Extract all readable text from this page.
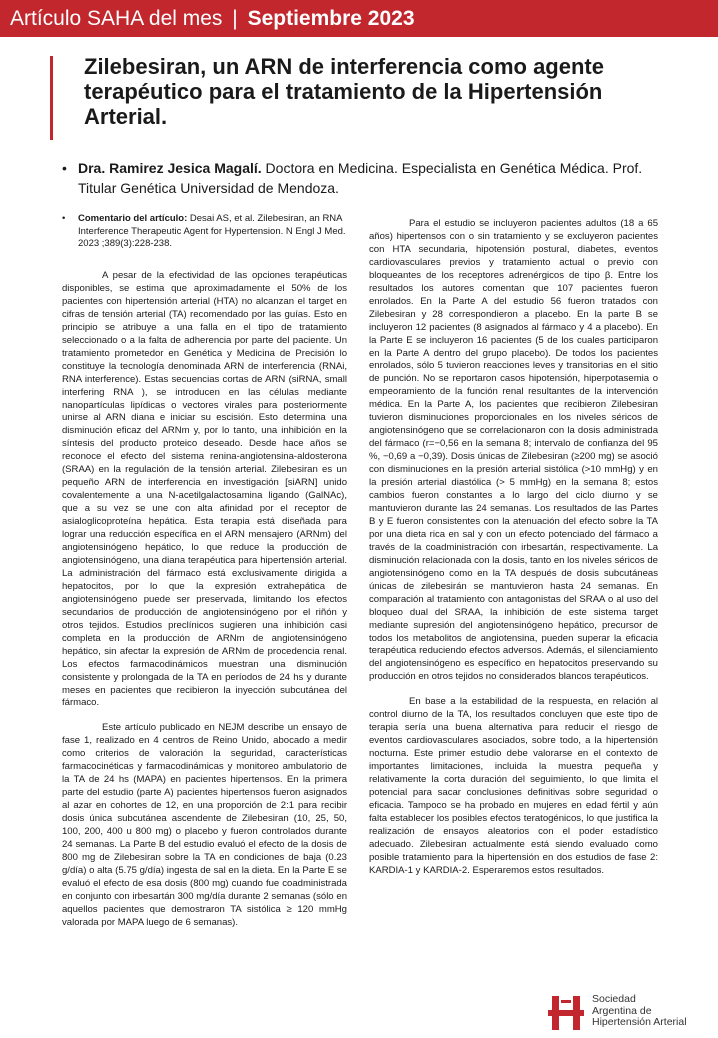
Artículo SAHA del mes | Septiembre 2023
Zilebesiran, un ARN de interferencia como agente terapéutico para el tratamiento de la Hipertensión Arterial.
• Dra. Ramirez Jesica Magalí. Doctora en Medicina. Especialista en Genética Médica. Prof. Titular Genética Universidad de Mendoza.
• Comentario del artículo: Desai AS, et al. Zilebesiran, an RNA Interference Therapeutic Agent for Hypertension. N Engl J Med. 2023 ;389(3):228-238.

A pesar de la efectividad de las opciones terapéuticas disponibles, se estima que aproximadamente el 50% de los pacientes con hipertensión arterial (HTA) no alcanzan el target en cifras de tensión arterial (TA) recomendado por las guías. Esto en principio se atribuye a una falla en el tipo de tratamiento seleccionado o a la falta de adherencia por parte del paciente. Un tratamiento prometedor en Genética y Medicina de Precisión lo constituye la tecnología denominada ARN de interferencia (RNAi, RNA interference). Estas secuencias cortas de ARN (siRNA, small interfering RNA ), se introducen en las células mediante nanopartículas lipídicas o vectores virales para posteriormente unirse al ARN diana e iniciar su escisión. Esto determina una disminución eficaz del ARNm y, por lo tanto, una inhibición en la síntesis del producto proteico deseado. Desde hace años se reconoce el efecto del sistema renina-angiotensina-aldosterona (SRAA) en la regulación de la tensión arterial. Zilebesiran es un pequeño ARN de interferencia en investigación [siARN] unido covalentemente a una N-acetilgalactosamina ligando (GalNAc), que a su vez se une con alta afinidad por el receptor de asialoglicoproteína hepática. Esta terapia está diseñada para lograr una reducción específica en el ARN mensajero (ARNm) del angiotensinógeno hepático, lo que reduce la producción de angiotensinógeno, una diana terapéutica para hipertensión arterial. La administración del fármaco está exclusivamente dirigida a hepatocitos, por lo que la expresión extrahepática de angiotensinógeno puede ser preservada, limitando los efectos secundarios de producción de angiotensinógeno por el riñón y otros tejidos. Estudios preclínicos sugieren una inhibición casi completa en la producción de ARNm de angiotensinógeno hepático, sin afectar la expresión de ARNm de procedencia renal. Los efectos farmacodinámicos muestran una disminución consistente y prolongada de la TA en períodos de 24 hs y durante meses en pacientes que recibieron la inyección subcutánea del fármaco.

Este artículo publicado en NEJM describe un ensayo de fase 1, realizado en 4 centros de Reino Unido, abocado a medir como criterios de valoración la seguridad, características farmacocinéticas y farmacodinámicas y monitoreo ambulatorio de la TA de 24 hs (MAPA) en pacientes hipertensos. En la primera parte del estudio (parte A) pacientes hipertensos fueron asignados al azar en cohortes de 12, en una proporción de 2:1 para recibir dosis única subcutánea ascendente de Zilebesiran (10, 25, 50, 100, 200, 400 u 800 mg) o placebo y fueron controlados durante 24 semanas. La Parte B del estudio evaluó el efecto de la dosis de 800 mg de Zilebesiran sobre la TA en condiciones de baja (0.23 g/día) o alta (5.75 g/día) ingesta de sal en la dieta. En la Parte E se evaluó el efecto de esa dosis (800 mg) cuando fue coadministrada en conjunto con irbesartán 300 mg/día durante 2 semanas (sólo en aquellos pacientes que demostraron TA sistólica ≥ 120 mmHg valorada por MAPA luego de 6 semanas).

Para el estudio se incluyeron pacientes adultos (18 a 65 años) hipertensos con o sin tratamiento y se excluyeron pacientes con HTA secundaria, hipotensión postural, diabetes, eventos cardiovasculares previos y tratamiento actual o previo con bloqueantes de los receptores adrenérgicos de tipo β. Entre los resultados los autores comentan que 107 pacientes fueron enrolados. En la Parte A del estudio 56 fueron tratados con Zilebesiran y 28 correspondieron a placebo. En la parte B se incluyeron 12 pacientes (8 asignados al fármaco y 4 a placebo). En la Parte E se incluyeron 16 pacientes (5 de los cuales participaron en la Parte A dentro del grupo placebo). De todos los pacientes enrolados, sólo 5 tuvieron reacciones leves y transitorias en el sitio de punción. No se reportaron casos hipotensión, hiperpotasemia o empeoramiento de la función renal resultantes de la intervención médica. En la Parte A, los pacientes que recibieron Zilebesiran tuvieron disminuciones proporcionales en los niveles séricos de angiotensinógeno que se correlacionaron con la dosis administrada del fármaco (r=−0,56 en la semana 8; intervalo de confianza del 95 %, −0,69 a −0,39). Dosis únicas de Zilebesiran (≥200 mg) se asoció con disminuciones en la presión arterial sistólica (>10 mmHg) y en la presión arterial diastólica (> 5 mmHg) en la semana 8; estos cambios fueron constantes a lo largo del ciclo diurno y se mantuvieron durante las 24 semanas. Los resultados de las Partes B y E fueron consistentes con la atenuación del efecto sobre la TA por una dieta rica en sal y con un efecto potenciado del fármaco a través de la coadministración con irbesartán, respectivamente. La disminución relacionada con la dosis, tanto en los niveles séricos de angiotensinógeno como en la TA después de dosis subcutáneas únicas de zilebesirán se mantuvieron hasta 24 semanas. En comparación al tratamiento con antagonistas del SRAA o al uso del bloqueo dual del SRAA, la inhibición de este sistema target mediante supresión del angiotensinógeno hepático, precursor de todos los metabolitos de angiotensina, pueden superar la eficacia terapéutica reduciendo efectos adversos. Además, el silenciamiento del angiotensinógeno es específico en hepatocitos preservando su producción en otros tejidos no considerados blancos terapéuticos.

En base a la estabilidad de la respuesta, en relación al control diurno de la TA, los resultados concluyen que este tipo de terapia sería una buena alternativa para reducir el riesgo de eventos cardiovasculares asociados, sobre todo, a la hipertensión nocturna. Este primer estudio debe valorarse en el contexto de importantes limitaciones, incluida la muestra pequeña y relativamente la corta duración del seguimiento, lo que limita el potencial para sacar conclusiones definitivas sobre seguridad o eficacia. Tampoco se ha probado en mujeres en edad fértil y aún falta establecer los posibles efectos teratogénicos, lo que justifica la realización de ensayos aleatorios con el poder estadístico adecuado. Zilebesiran actualmente está siendo evaluado como posible tratamiento para la hipertensión en dos estudios de fase 2: KARDIA-1 y KARDIA-2. Esperaremos estos resultados.

Sociedad
Argentina de
Hipertensión Arterial
